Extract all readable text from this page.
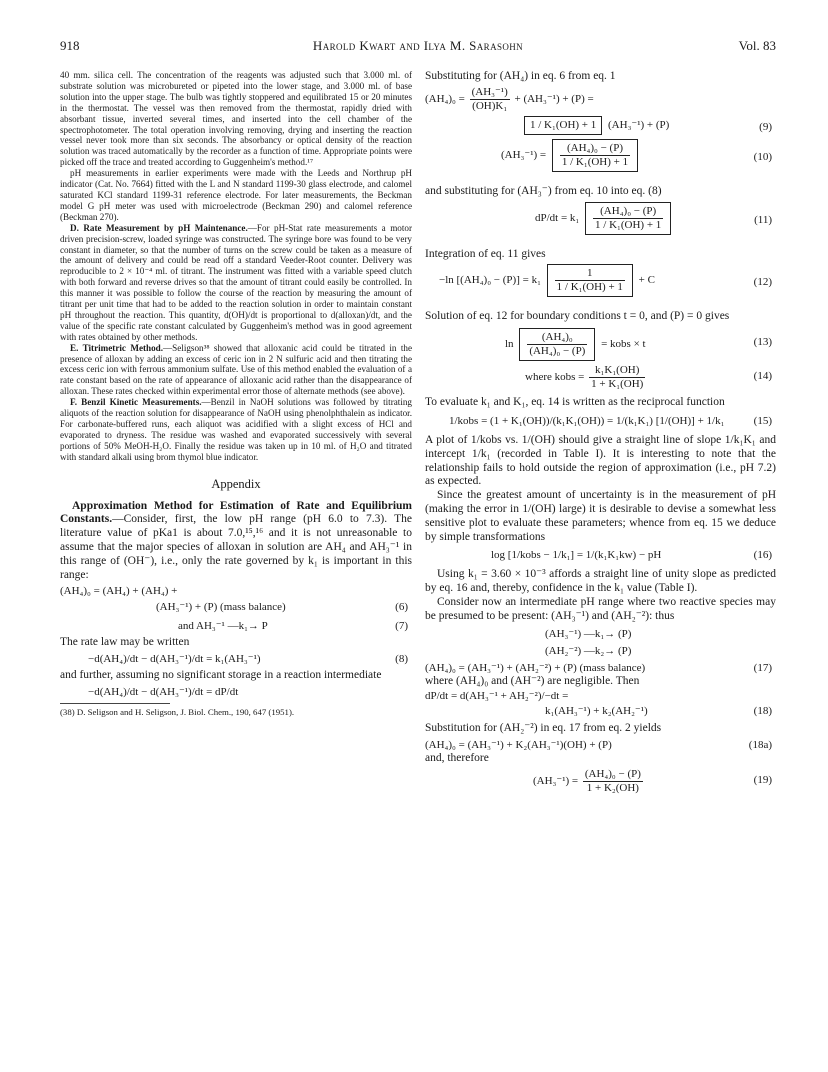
918	Harold Kwart and Ilya M. Sarasohn	Vol. 83

40 mm. silica cell. The concentration of the reagents was adjusted such that 3.000 ml. of substrate solution was microbureted or pipeted into the lower stage, and 3.000 ml. of base solution into the upper stage. The bulb was tightly stoppered and equilibrated 15 or 20 minutes in the thermostat. The vessel was then removed from the thermostat, rapidly dried with absorbant tissue, inverted several times, and inserted into the cell chamber of the spectrophotometer. The total operation involving removing, drying and inserting the reaction vessel never took more than six seconds. The absorbancy or optical density of the reaction solution was traced automatically by the recorder as a function of time. Appropriate points were picked off the trace and treated according to Guggenheim's method.¹⁷

pH measurements in earlier experiments were made with the Leeds and Northrup pH indicator (Cat. No. 7664) fitted with the L and N standard 1199-30 glass electrode, and calomel saturated KCl standard 1199-31 reference electrode. For later measurements, the Beckman model G pH meter was used with microelectrode (Beckman 290) and calomel reference (Beckman 270).

D. Rate Measurement by pH Maintenance.—For pH-Stat rate measurements a motor driven precision-screw, loaded syringe was constructed. The syringe bore was found to be very constant in diameter, so that the number of turns on the screw could be taken as a measure of the amount of delivery and could be read off a standard Veeder-Root counter. Delivery was reproducible to 2 × 10⁻⁴ ml. of titrant. The instrument was fitted with a variable speed clutch with both forward and reverse drives so that the amount of titrant could easily be controlled. In this manner it was possible to follow the course of the reaction by measuring the amount of titrant per unit time that had to be added to the reaction solution in order to maintain constant pH throughout the reaction. This quantity, d(OH)/dt is proportional to d(alloxan)/dt, and the value of the specific rate constant calculated by Guggenheim's method was in good agreement with rates obtained by other methods.

E. Titrimetric Method.—Seligson³⁸ showed that alloxanic acid could be titrated in the presence of alloxan by adding an excess of ceric ion in 2 N sulfuric acid and then titrating the excess ceric ion with ferrous ammonium sulfate. Use of this method enabled the evaluation of a rate constant based on the rate of appearance of alloxanic acid rather than the disappearance of alloxan. These rates checked within experimental error those of alternate methods (see above).

F. Benzil Kinetic Measurements.—Benzil in NaOH solutions was followed by titrating aliquots of the reaction solution for disappearance of NaOH using phenolphthalein as indicator. For carbonate-buffered runs, each aliquot was acidified with a slight excess of HCl and evaporated to dryness. The residue was washed and evaporated successively with several portions of 50% MeOH-H₂O. Finally the residue was taken up in 10 ml. of H₂O and titrated with standard alkali using brom thymol blue indicator.

Appendix

Approximation Method for Estimation of Rate and Equilibrium Constants.—Consider, first, the low pH range (pH 6.0 to 7.3). The literature value of pKa1 is about 7.0,¹⁵,¹⁶ and it is not unreasonable to assume that the major species of alloxan in solution are AH₄ and AH₃⁻¹ in this range of (OH⁻), i.e., only the rate governed by k₁ is important in this range:

(AH₄)₀ = (AH₄) + (AH₄) +
(AH₃⁻¹) + (P) (mass balance)	(6)
and AH₃⁻¹ —k₁→ P	(7)

The rate law may be written

−d(AH₄)/dt − d(AH₃⁻¹)/dt = k₁(AH₃⁻¹)	(8)

and further, assuming no significant storage in a reaction intermediate

−d(AH₄)/dt − d(AH₃⁻¹)/dt = dP/dt

(38) D. Seligson and H. Seligson, J. Biol. Chem., 190, 647 (1951).

Substituting for (AH₄) in eq. 6 from eq. 1

$(AH_4)_0 = \frac{\text{(AH₃⁻¹)}}{\text{(OH)K₁}} + (AH_3^{-1}) + (P)$ =
1 / K₁(OH) + 1 (AH₃⁻¹) + (P)	(9)
$(AH_3^{-1}) = \frac{\text{(AH₄)₀ − (P)}}{\text{1 / K₁(OH) + 1}}$	(10)

and substituting for (AH₃⁻) from eq. 10 into eq. (8)

$dP/dt = k_1 \frac{\text{(AH₄)₀ − (P)}}{\text{1 / K₁(OH) + 1}}$	(11)

Integration of eq. 11 gives

−ln $[(AH_4)_0 - (P)] = k_1 \frac{1}{\text{1 / K₁(OH) + 1}} + C$	(12)

Solution of eq. 12 for boundary conditions t = 0, and (P) = 0 gives

$\ln \frac{\text{(AH₄)₀}}{\text{(AH₄)₀ − (P)}}$ = kobs × t	(13)
where kobs = $\frac{\text{k₁K₁(OH)}}{\text{1 + K₁(OH)}}$	(14)

To evaluate k₁ and K₁, eq. 14 is written as the reciprocal function

1/kobs = (1 + K₁(OH))/(k₁K₁(OH)) = 1/(k₁K₁) [1/(OH)] + 1/k₁	(15)

A plot of 1/kobs vs. 1/(OH) should give a straight line of slope 1/k₁K₁ and intercept 1/k₁ (recorded in Table I). It is interesting to note that the relationship fails to hold outside the region of approximation (i.e., pH 7.2) as expected.

Since the greatest amount of uncertainty is in the measurement of pH (making the error in 1/(OH) large) it is desirable to devise a somewhat less sensitive plot to evaluate these parameters; whence from eq. 15 we deduce by simple transformations

log [1/kobs − 1/k₁] = 1/(k₁K₁kw) − pH	(16)

Using k₁ = 3.60 × 10⁻³ affords a straight line of unity slope as predicted by eq. 16 and, thereby, confidence in the k₁ value (Table I).

Consider now an intermediate pH range where two reactive species may be presumed to be present: (AH₃⁻¹) and (AH₂⁻²): thus

(AH₃⁻¹) —k₁→ (P)
(AH₂⁻²) —k₂→ (P)
(AH₄)₀ = (AH₃⁻¹) + (AH₂⁻²) + (P) (mass balance)	(17)

where (AH₄)₀ and (AH⁻²) are negligible. Then

dP/dt = d(AH₃⁻¹ + AH₂⁻²)/−dt =
k₁(AH₃⁻¹) + k₂(AH₂⁻¹)	(18)

Substitution for (AH₂⁻²) in eq. 17 from eq. 2 yields

(AH₄)₀ = (AH₃⁻¹) + K₂(AH₃⁻¹)(OH) + (P)	(18a)

and, therefore

$(AH_3^{-1}) = \frac{\text{(AH₄)₀ − (P)}}{\text{1 + K₂(OH)}}$	(19)
